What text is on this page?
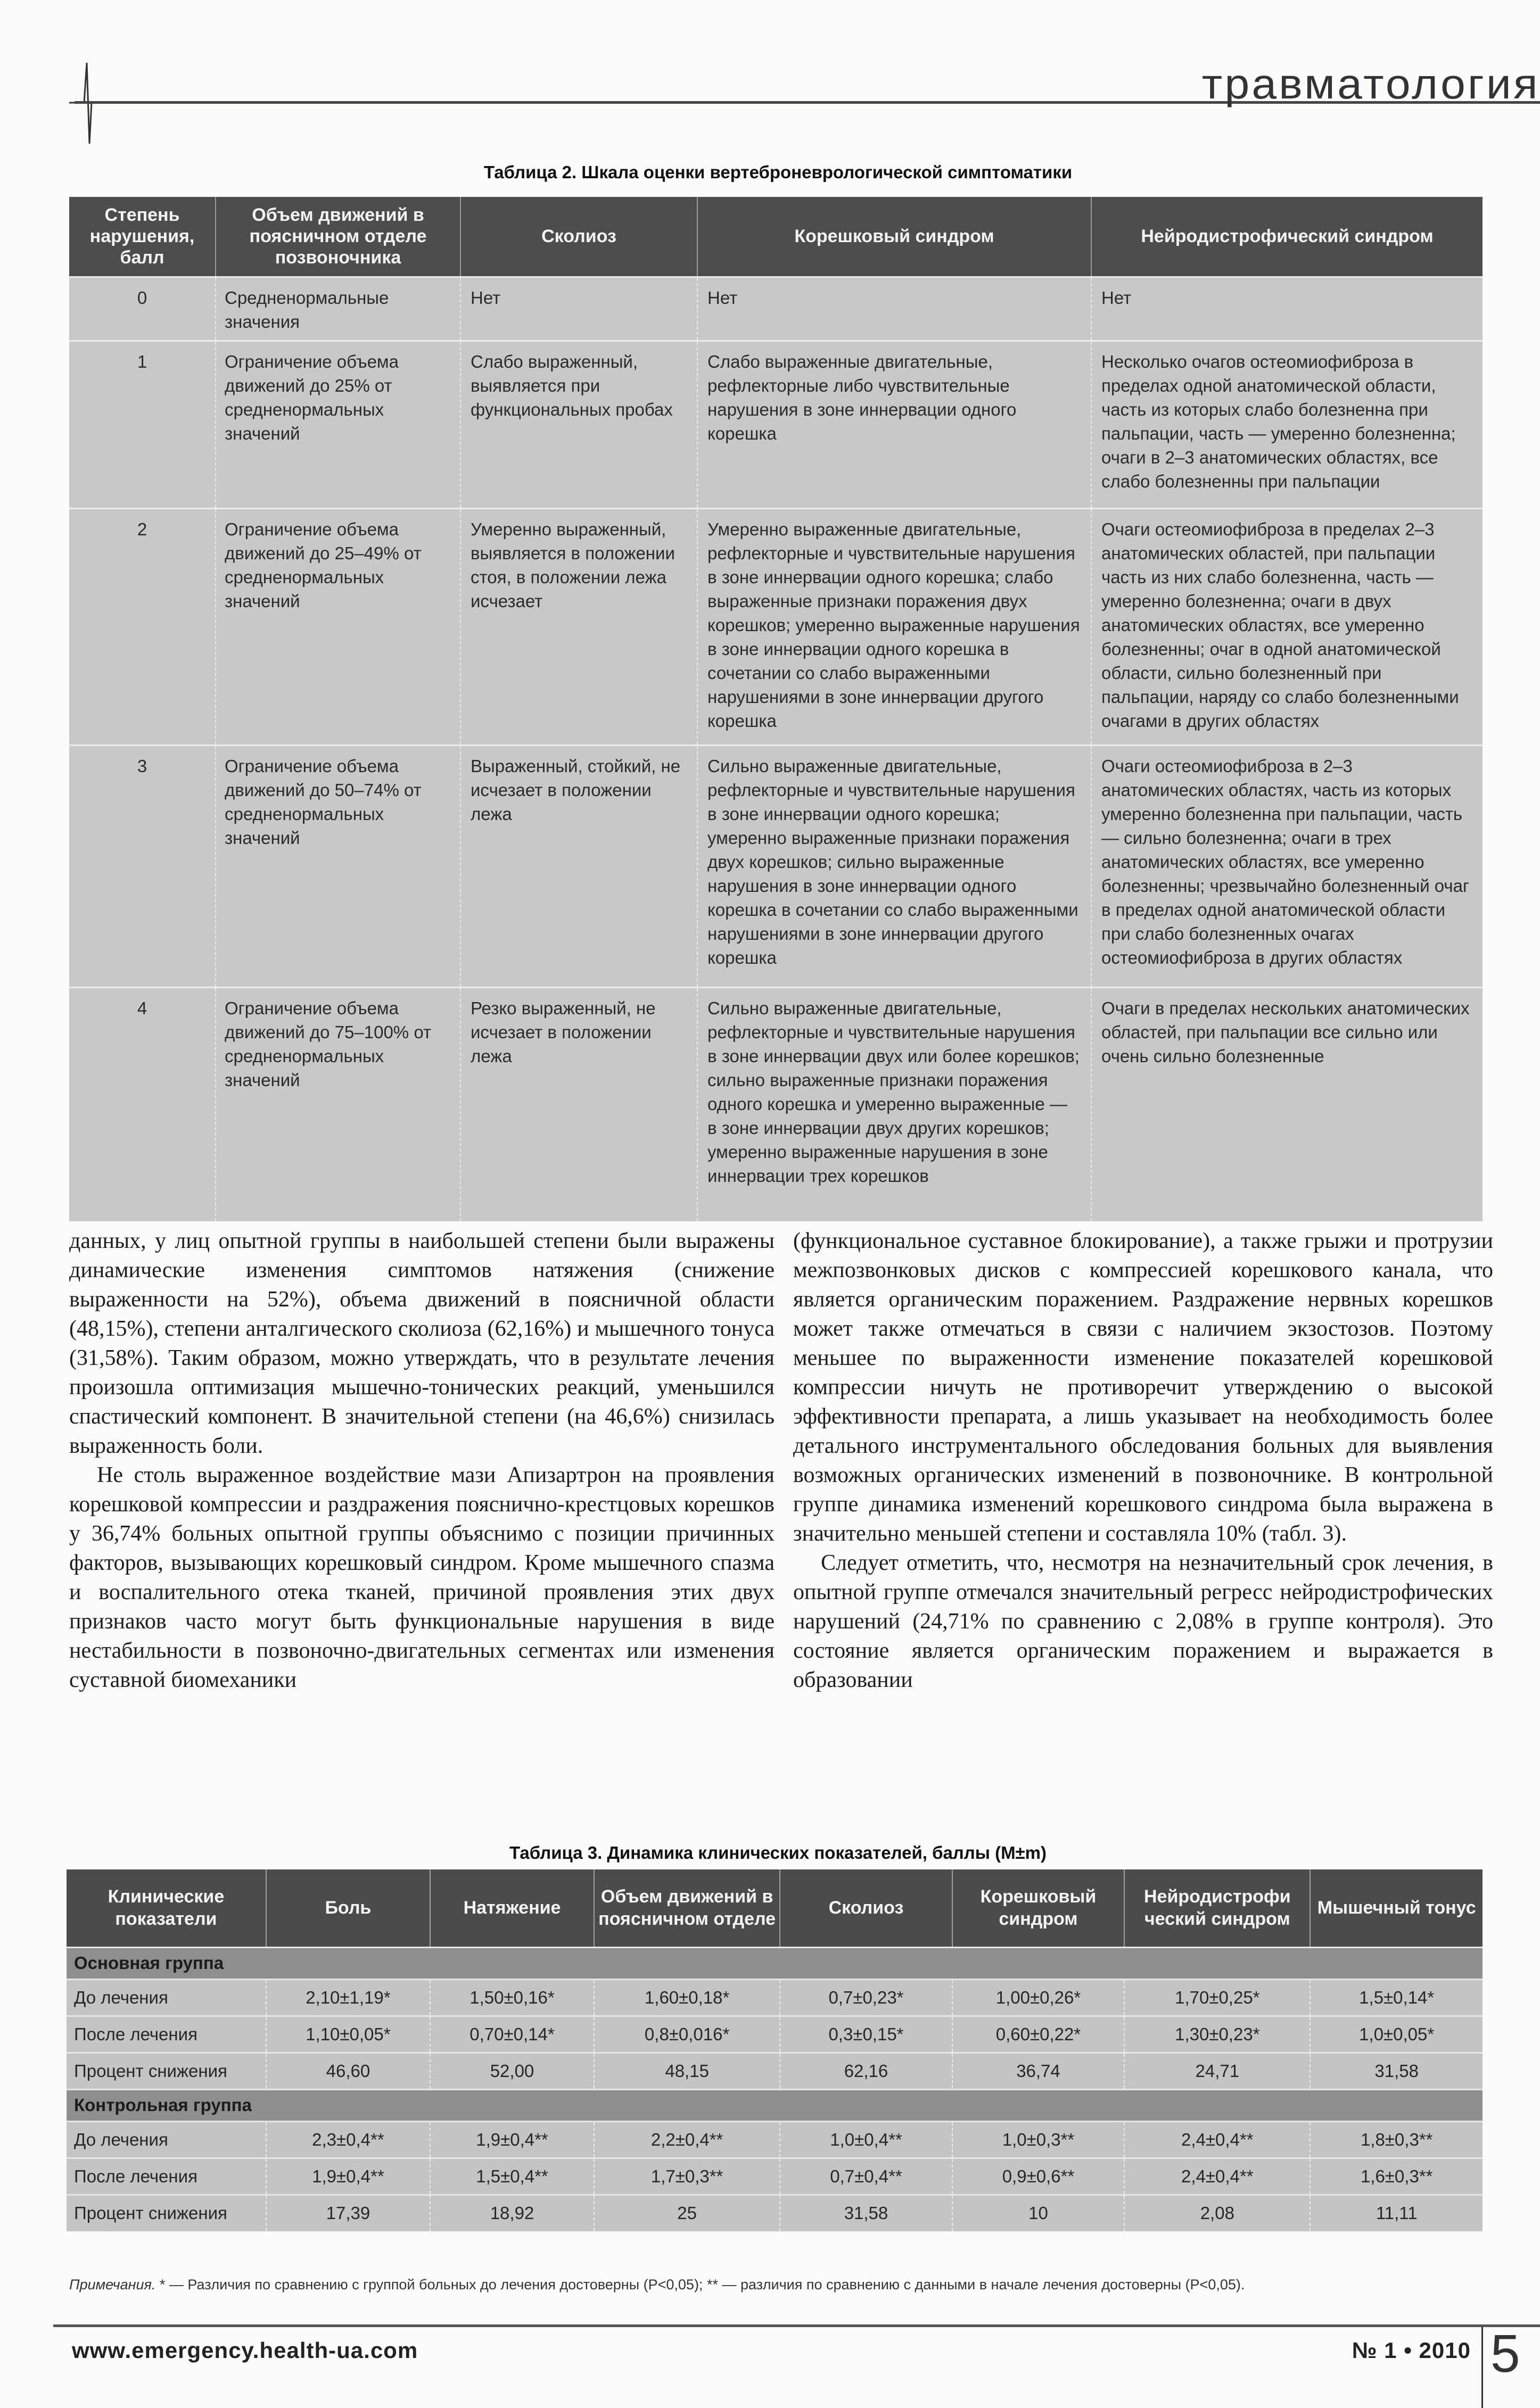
травматология
Таблица 2. Шкала оценки вертеброневрологической симптоматики
Степень нарушения, балл	Объем движений в поясничном отделе позвоночника	Сколиоз	Корешковый синдром	Нейродистрофический синдром
0	Средненормальные значения	Нет	Нет	Нет
1	Ограничение объема движений до 25% от средненормальных значений	Слабо выраженный, выявляется при функциональных пробах	Слабо выраженные двигательные, рефлекторные либо чувствительные нарушения в зоне иннервации одного корешка	Несколько очагов остеомиофиброза в пределах одной анатомической области, часть из которых слабо болезненна при пальпации, часть — умеренно болезненна; очаги в 2–3 анатомических областях, все слабо болезненны при пальпации
2	Ограничение объема движений до 25–49% от средненормальных значений	Умеренно выраженный, выявляется в положении стоя, в положении лежа исчезает	Умеренно выраженные двигательные, рефлекторные и чувствительные нарушения в зоне иннервации одного корешка; слабо выраженные признаки поражения двух корешков; умеренно выраженные нарушения в зоне иннервации одного корешка в сочетании со слабо выраженными нарушениями в зоне иннервации другого корешка	Очаги остеомиофиброза в пределах 2–3 анатомических областей, при пальпации часть из них слабо болезненна, часть — умеренно болезненна; очаги в двух анатомических областях, все умеренно болезненны; очаг в одной анатомической области, сильно болезненный при пальпации, наряду со слабо болезненными очагами в других областях
3	Ограничение объема движений до 50–74% от средненормальных значений	Выраженный, стойкий, не исчезает в положении лежа	Сильно выраженные двигательные, рефлекторные и чувствительные нарушения в зоне иннервации одного корешка; умеренно выраженные признаки поражения двух корешков; сильно выраженные нарушения в зоне иннервации одного корешка в сочетании со слабо выраженными нарушениями в зоне иннервации другого корешка	Очаги остеомиофиброза в 2–3 анатомических областях, часть из которых умеренно болезненна при пальпации, часть — сильно болезненна; очаги в трех анатомических областях, все умеренно болезненны; чрезвычайно болезненный очаг в пределах одной анатомической области при слабо болезненных очагах остеомиофиброза в других областях
4	Ограничение объема движений до 75–100% от средненормальных значений	Резко выраженный, не исчезает в положении лежа	Сильно выраженные двигательные, рефлекторные и чувствительные нарушения в зоне иннервации двух или более корешков; сильно выраженные признаки поражения одного корешка и умеренно выраженные — в зоне иннервации двух других корешков; умеренно выраженные нарушения в зоне иннервации трех корешков	Очаги в пределах нескольких анатомических областей, при пальпации все сильно или очень сильно болезненные

данных, у лиц опытной группы в наибольшей степени были выражены динамические изменения симптомов натяжения (снижение выраженности на 52%), объема движений в поясничной области (48,15%), степени анталгического сколиоза (62,16%) и мышечного тонуса (31,58%). Таким образом, можно утверждать, что в результате лечения произошла оптимизация мышечно-тонических реакций, уменьшился спастический компонент. В значительной степени (на 46,6%) снизилась выраженность боли.

Не столь выраженное воздействие мази Апизартрон на проявления корешковой компрессии и раздражения пояснично-крестцовых корешков у 36,74% больных опытной группы объяснимо с позиции причинных факторов, вызывающих корешковый синдром. Кроме мышечного спазма и воспалительного отека тканей, причиной проявления этих двух признаков часто могут быть функциональные нарушения в виде нестабильности в позвоночно-двигательных сегментах или изменения суставной биомеханики

(функциональное суставное блокирование), а также грыжи и протрузии межпозвонковых дисков с компрессией корешкового канала, что является органическим поражением. Раздражение нервных корешков может также отмечаться в связи с наличием экзостозов. Поэтому меньшее по выраженности изменение показателей корешковой компрессии ничуть не противоречит утверждению о высокой эффективности препарата, а лишь указывает на необходимость более детального инструментального обследования больных для выявления возможных органических изменений в позвоночнике. В контрольной группе динамика изменений корешкового синдрома была выражена в значительно меньшей степени и составляла 10% (табл. 3).

Следует отметить, что, несмотря на незначительный срок лечения, в опытной группе отмечался значительный регресс нейродистрофических нарушений (24,71% по сравнению с 2,08% в группе контроля). Это состояние является органическим поражением и выражается в образовании

Таблица 3. Динамика клинических показателей, баллы (M±m)
Клинические показатели	Боль	Натяжение	Объем движений в поясничном отделе	Сколиоз	Корешковый синдром	Нейродистрофи ческий синдром	Мышечный тонус
Основная группа							
До лечения	2,10±1,19*	1,50±0,16*	1,60±0,18*	0,7±0,23*	1,00±0,26*	1,70±0,25*	1,5±0,14*
После лечения	1,10±0,05*	0,70±0,14*	0,8±0,016*	0,3±0,15*	0,60±0,22*	1,30±0,23*	1,0±0,05*
Процент снижения	46,60	52,00	48,15	62,16	36,74	24,71	31,58
Контрольная группа							
До лечения	2,3±0,4**	1,9±0,4**	2,2±0,4**	1,0±0,4**	1,0±0,3**	2,4±0,4**	1,8±0,3**
После лечения	1,9±0,4**	1,5±0,4**	1,7±0,3**	0,7±0,4**	0,9±0,6**	2,4±0,4**	1,6±0,3**
Процент снижения	17,39	18,92	25	31,58	10	2,08	11,11
Примечания. * — Различия по сравнению с группой больных до лечения достоверны (P<0,05); ** — различия по сравнению с данными в начале лечения достоверны (P<0,05).
www.emergency.health-ua.com	№ 1 • 2010 5
